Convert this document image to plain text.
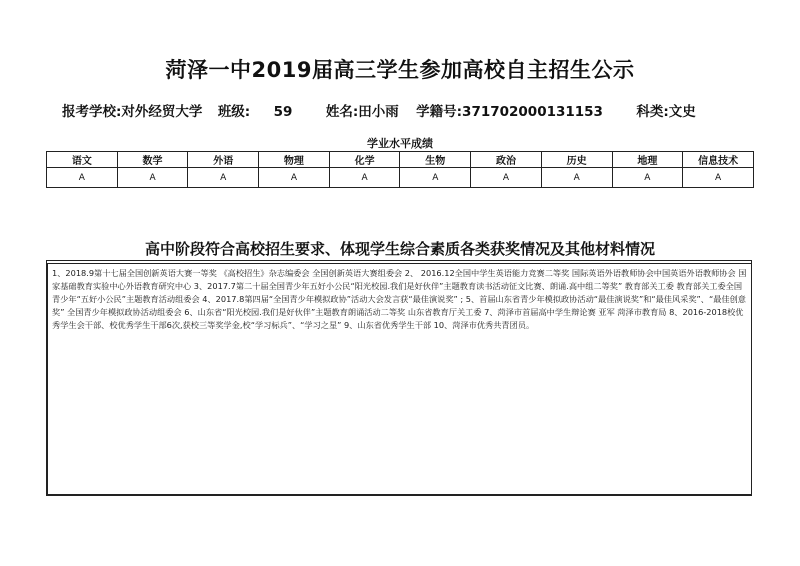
菏泽一中2019届高三学生参加高校自主招生公示
报考学校:对外经贸大学 班级: 59 姓名:田小雨 学籍号:371702000131153 科类:文史
学业水平成绩
语文	数学	外语	物理	化学	生物	政治	历史	地理	信息技术
A	A	A	A	A	A	A	A	A	A
高中阶段符合高校招生要求、体现学生综合素质各类获奖情况及其他材料情况
1、2018.9第十七届全国创新英语大赛一等奖 《高校招生》杂志编委会 全国创新英语大赛组委会 2、 2016.12全国中学生英语能力竞赛二等奖 国际英语外语教师协会中国英语外语教师协会 国家基础教育实验中心外语教育研究中心 3、2017.7第二十届全国青少年五好小公民“阳光校园.我们是好伙伴”主题教育读书活动征文比赛、朗诵.高中组二等奖” 教育部关工委 教育部关工委全国青少年“五好小公民”主题教育活动组委会 4、2017.8第四届“全国青少年模拟政协”活动大会发言获“最佳演说奖” ; 5、首届山东省青少年模拟政协活动“最佳演说奖”和“最佳风采奖”、“最佳创意奖” 全国青少年模拟政协活动组委会 6、山东省“阳光校园.我们是好伙伴”主题教育朗诵活动二等奖 山东省教育厅关工委 7、菏泽市首届高中学生辩论赛 亚军 菏泽市教育局 8、2016-2018校优秀学生会干部、校优秀学生干部6次,获校三等奖学金,校“学习标兵”、“学习之星” 9、山东省优秀学生干部 10、菏泽市优秀共青团员。
